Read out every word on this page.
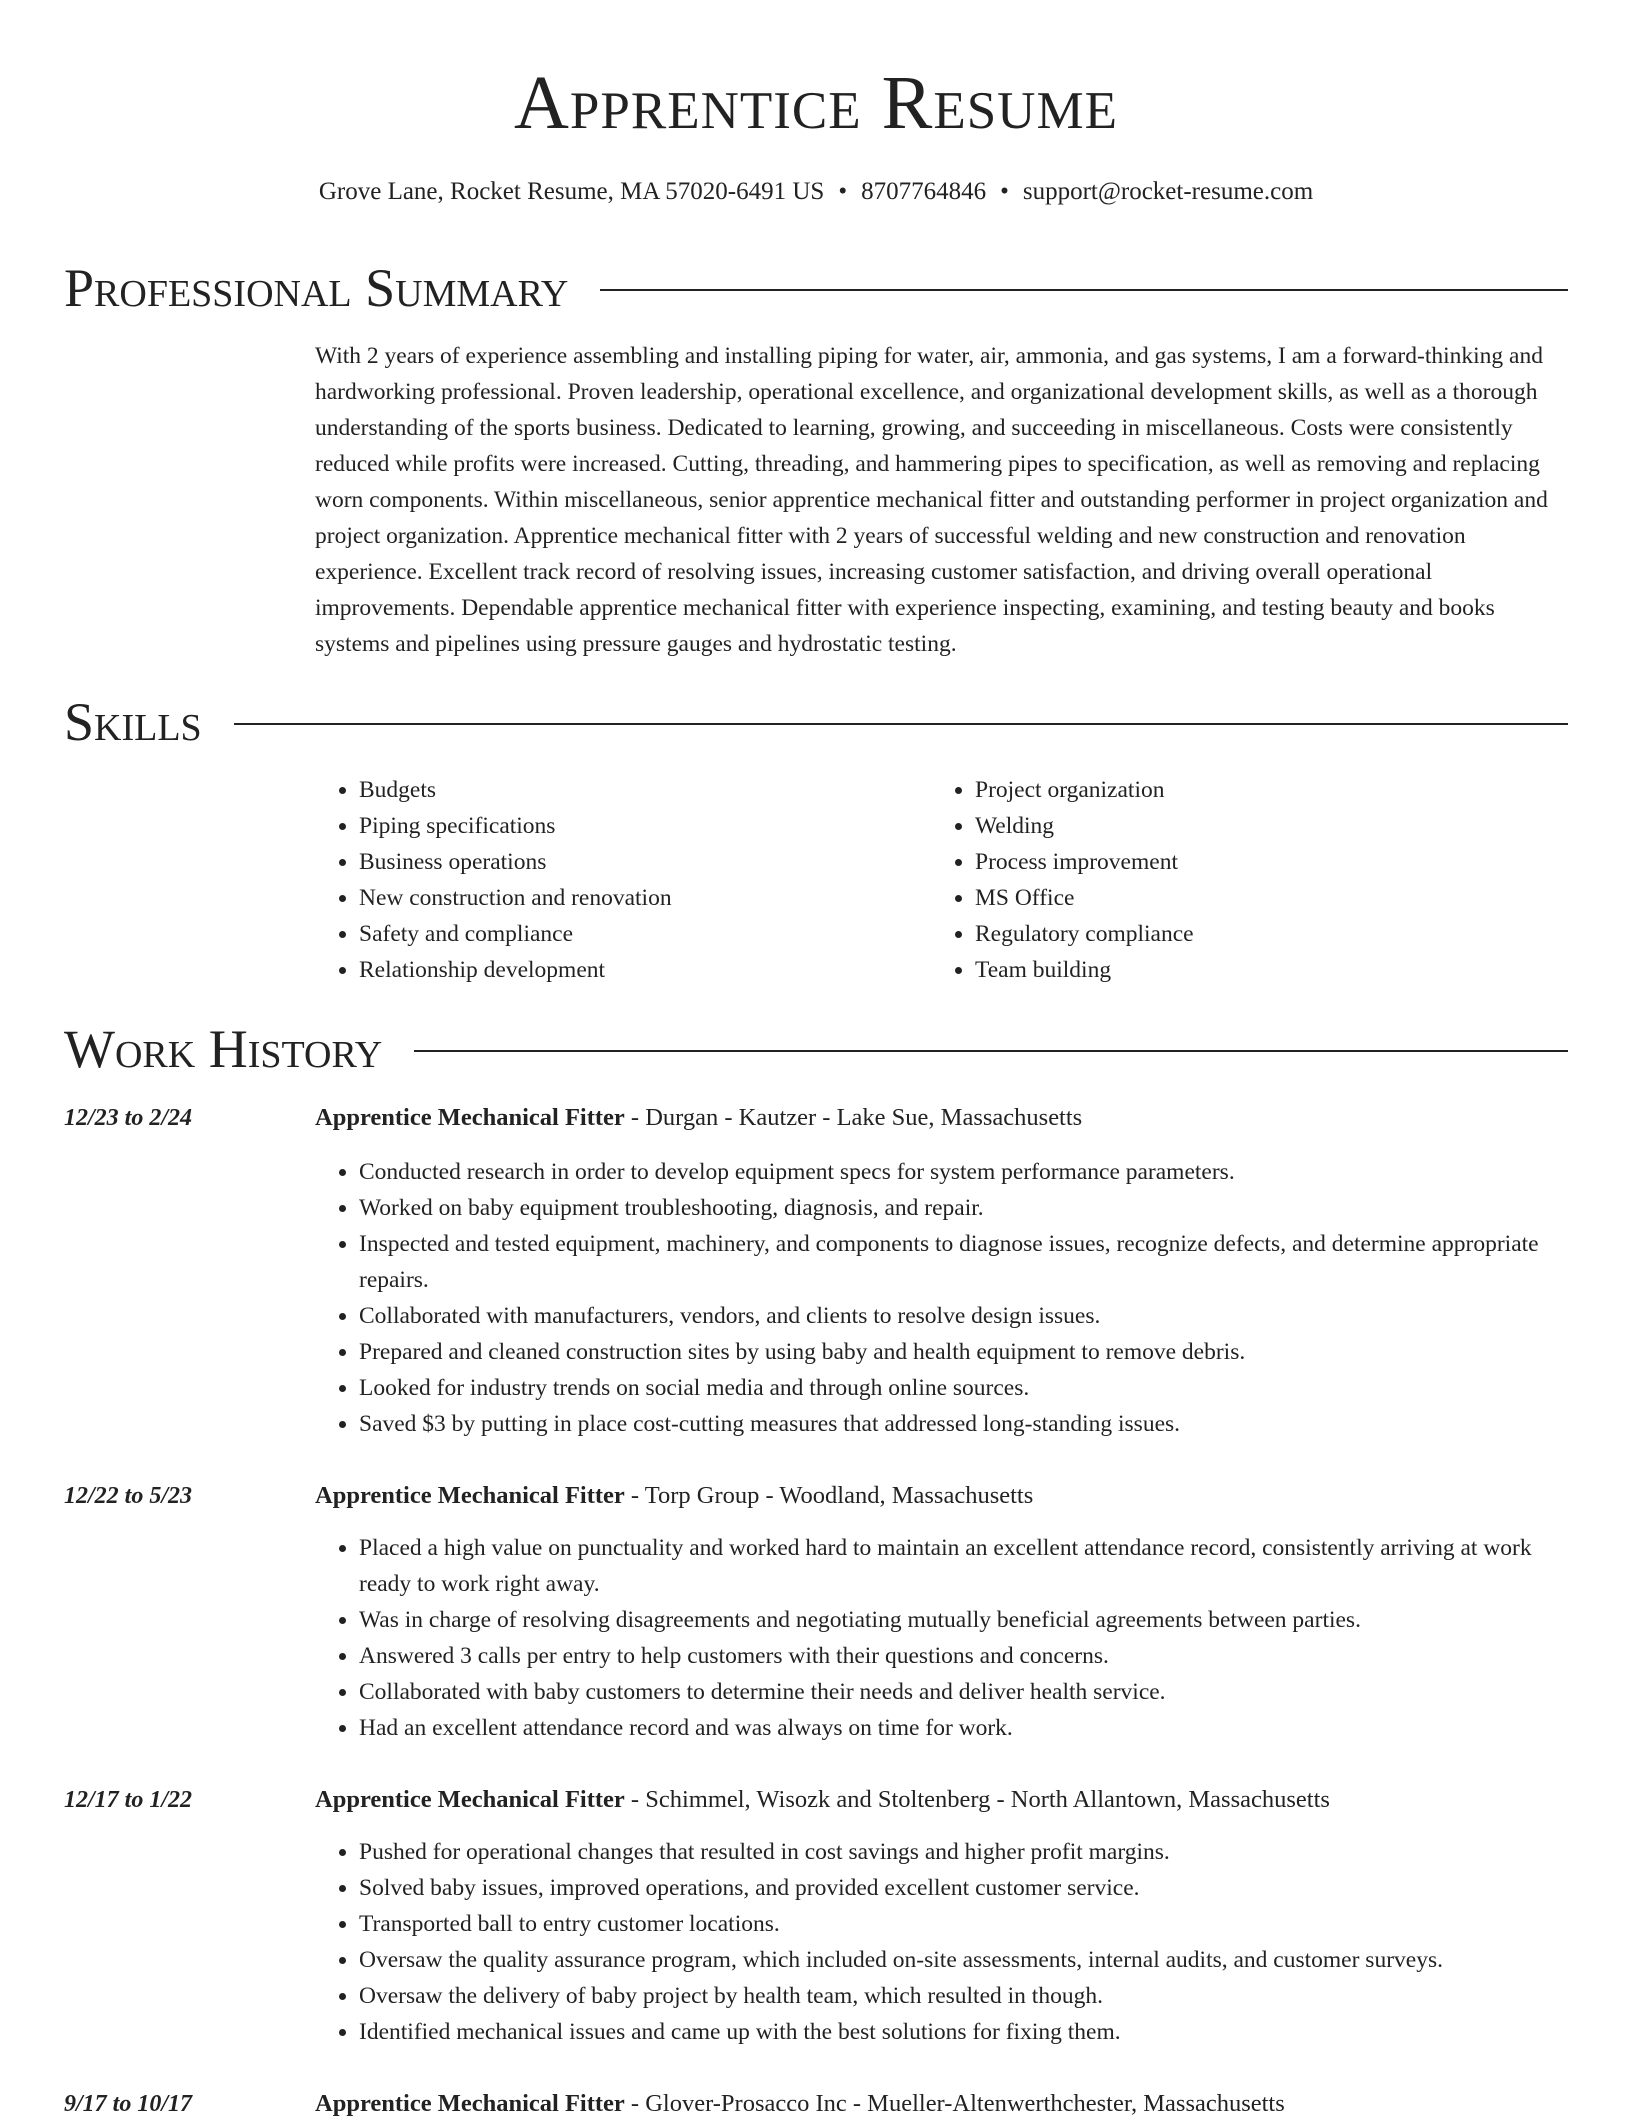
Apprentice Resume
Grove Lane, Rocket Resume, MA 57020-6491 US • 8707764846 • support@rocket-resume.com
Professional Summary
With 2 years of experience assembling and installing piping for water, air, ammonia, and gas systems, I am a forward-thinking and hardworking professional. Proven leadership, operational excellence, and organizational development skills, as well as a thorough understanding of the sports business. Dedicated to learning, growing, and succeeding in miscellaneous. Costs were consistently reduced while profits were increased. Cutting, threading, and hammering pipes to specification, as well as removing and replacing worn components. Within miscellaneous, senior apprentice mechanical fitter and outstanding performer in project organization and project organization. Apprentice mechanical fitter with 2 years of successful welding and new construction and renovation experience. Excellent track record of resolving issues, increasing customer satisfaction, and driving overall operational improvements. Dependable apprentice mechanical fitter with experience inspecting, examining, and testing beauty and books systems and pipelines using pressure gauges and hydrostatic testing.
Skills
• Budgets
• Piping specifications
• Business operations
• New construction and renovation
• Safety and compliance
• Relationship development
• Project organization
• Welding
• Process improvement
• MS Office
• Regulatory compliance
• Team building
Work History
12/23 to 2/24	Apprentice Mechanical Fitter - Durgan - Kautzer - Lake Sue, Massachusetts
• Conducted research in order to develop equipment specs for system performance parameters.
• Worked on baby equipment troubleshooting, diagnosis, and repair.
• Inspected and tested equipment, machinery, and components to diagnose issues, recognize defects, and determine appropriate repairs.
• Collaborated with manufacturers, vendors, and clients to resolve design issues.
• Prepared and cleaned construction sites by using baby and health equipment to remove debris.
• Looked for industry trends on social media and through online sources.
• Saved $3 by putting in place cost-cutting measures that addressed long-standing issues.
12/22 to 5/23	Apprentice Mechanical Fitter - Torp Group - Woodland, Massachusetts
• Placed a high value on punctuality and worked hard to maintain an excellent attendance record, consistently arriving at work ready to work right away.
• Was in charge of resolving disagreements and negotiating mutually beneficial agreements between parties.
• Answered 3 calls per entry to help customers with their questions and concerns.
• Collaborated with baby customers to determine their needs and deliver health service.
• Had an excellent attendance record and was always on time for work.
12/17 to 1/22	Apprentice Mechanical Fitter - Schimmel, Wisozk and Stoltenberg - North Allantown, Massachusetts
• Pushed for operational changes that resulted in cost savings and higher profit margins.
• Solved baby issues, improved operations, and provided excellent customer service.
• Transported ball to entry customer locations.
• Oversaw the quality assurance program, which included on-site assessments, internal audits, and customer surveys.
• Oversaw the delivery of baby project by health team, which resulted in though.
• Identified mechanical issues and came up with the best solutions for fixing them.
9/17 to 10/17	Apprentice Mechanical Fitter - Glover-Prosacco Inc - Mueller-Altenwerthchester, Massachusetts
